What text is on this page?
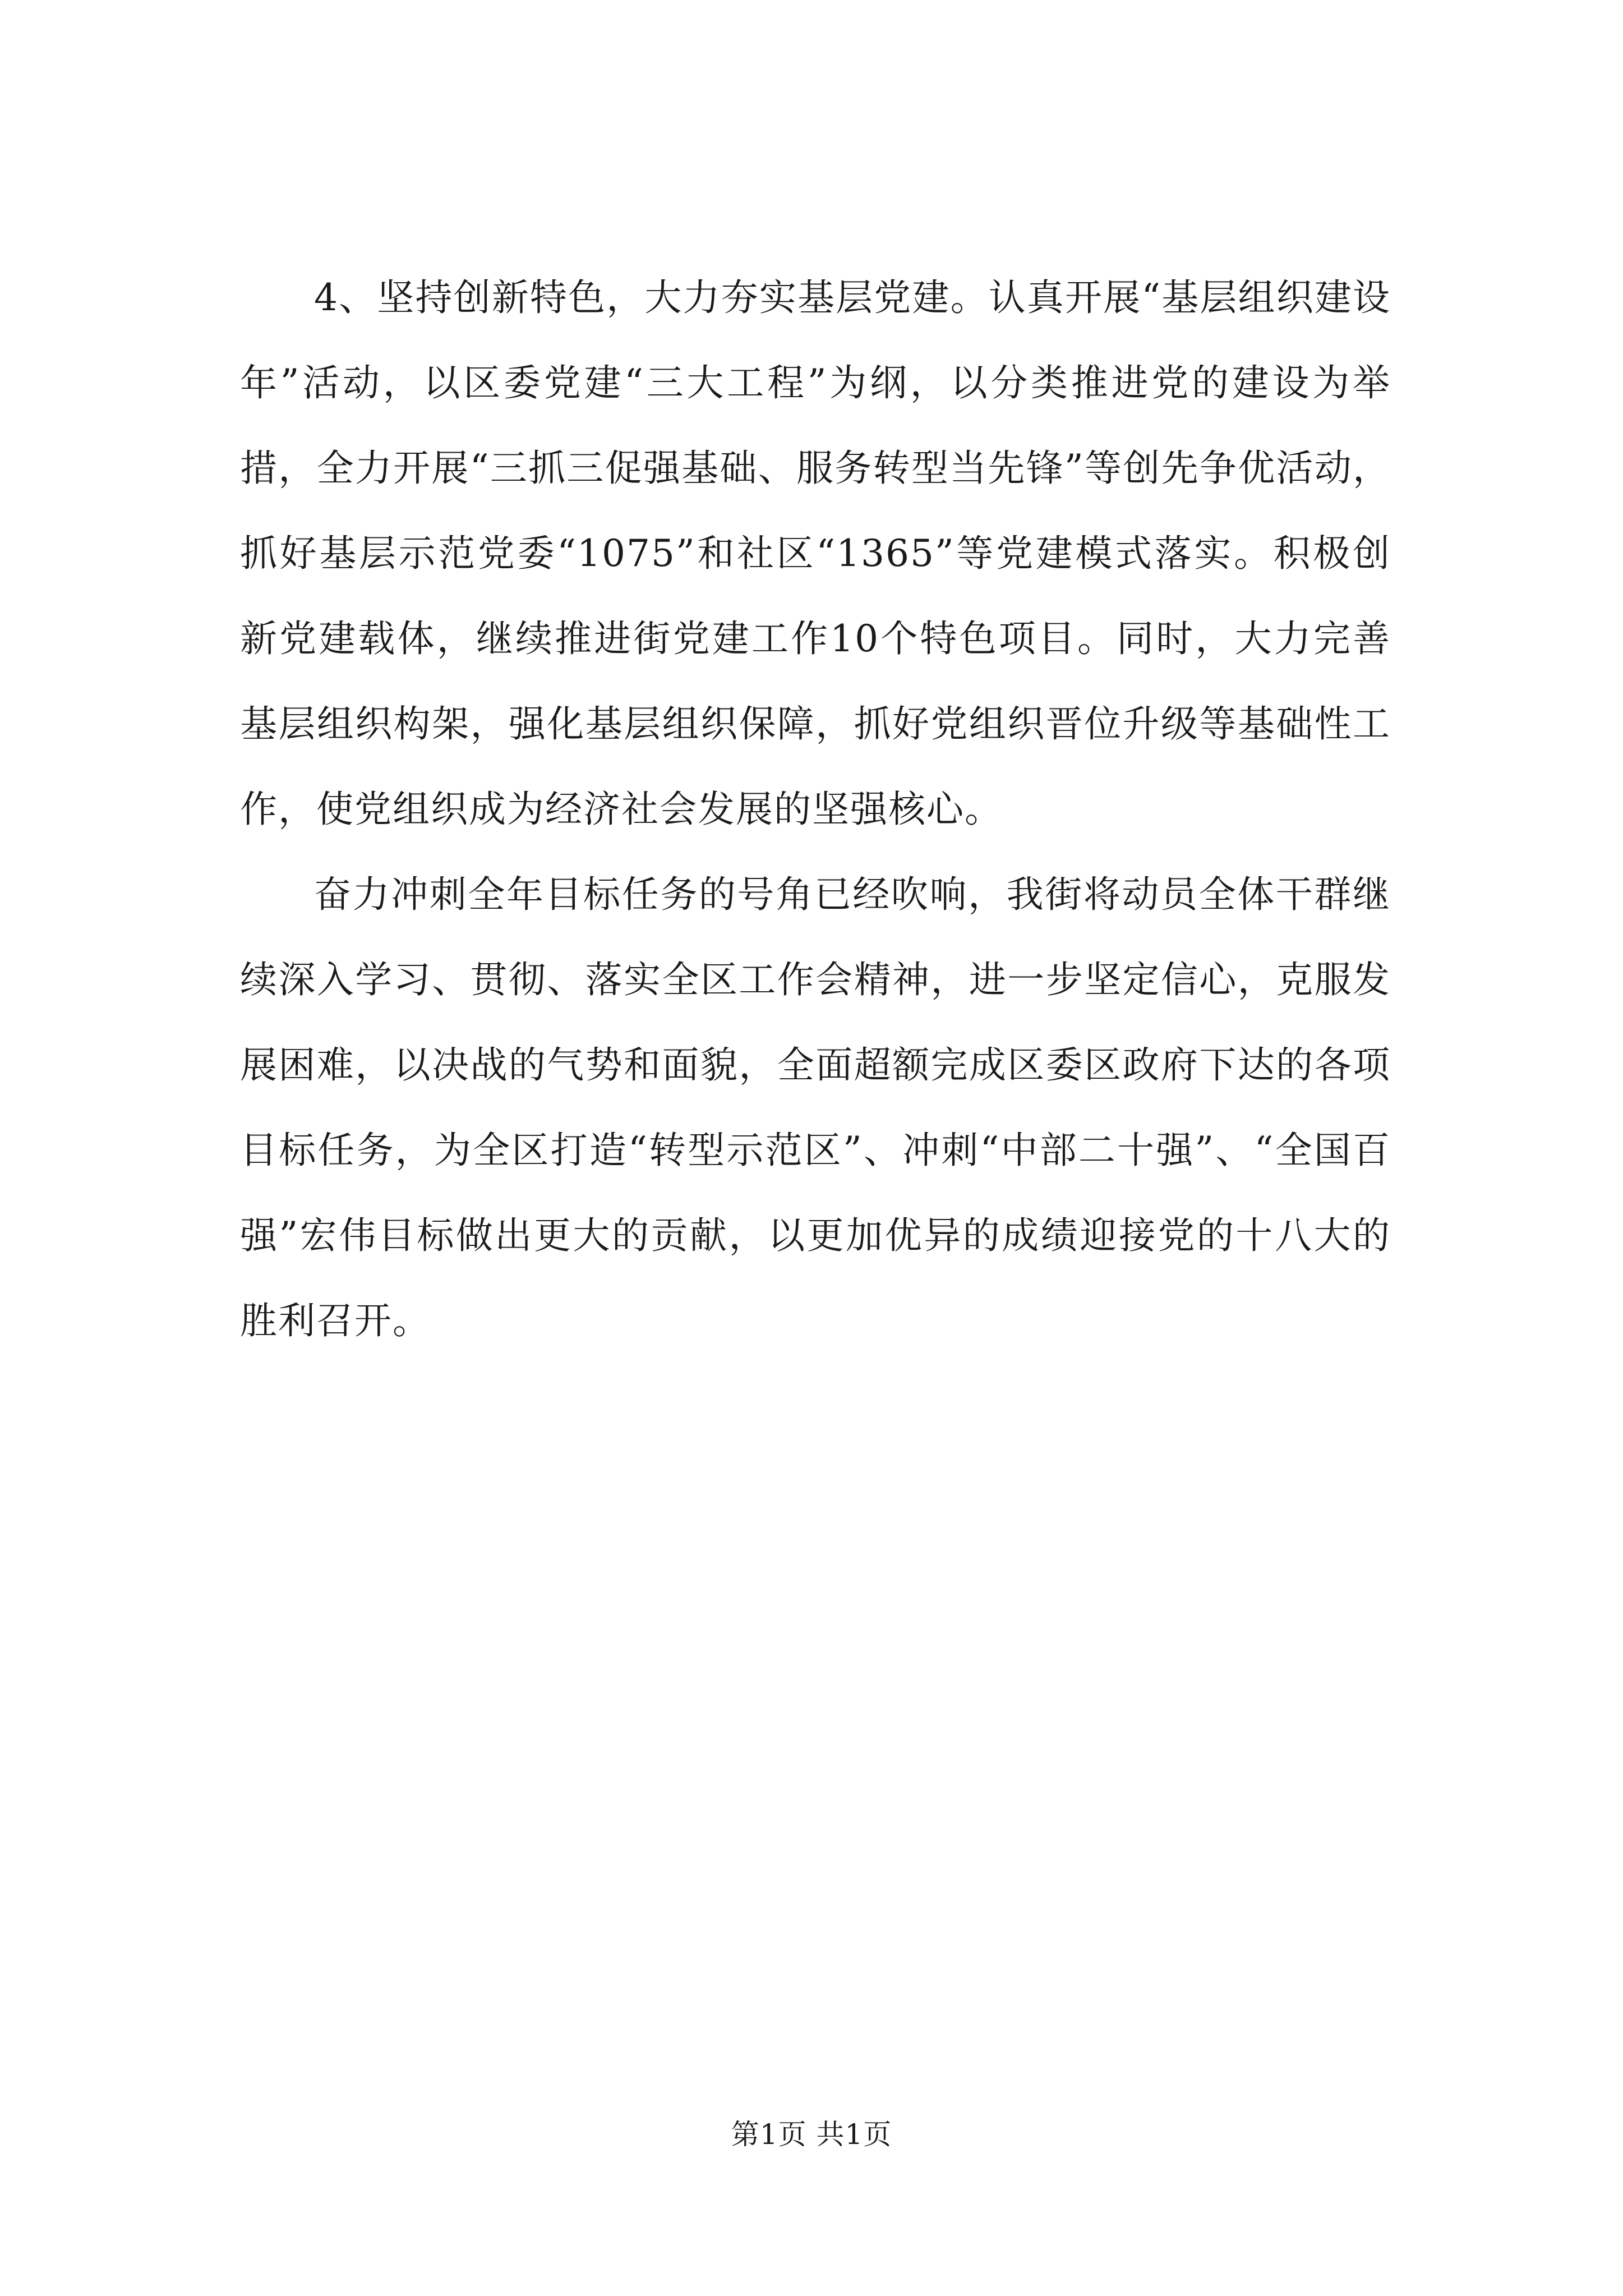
4、坚持创新特色，大力夯实基层党建。认真开展“基层组织建设年”活动，以区委党建“三大工程”为纲，以分类推进党的建设为举措，全力开展“三抓三促强基础、服务转型当先锋”等创先争优活动，抓好基层示范党委“1075”和社区“1365”等党建模式落实。积极创新党建载体，继续推进街党建工作10个特色项目。同时，大力完善基层组织构架，强化基层组织保障，抓好党组织晋位升级等基础性工作，使党组织成为经济社会发展的坚强核心。

奋力冲刺全年目标任务的号角已经吹响，我街将动员全体干群继续深入学习、贯彻、落实全区工作会精神，进一步坚定信心，克服发展困难，以决战的气势和面貌，全面超额完成区委区政府下达的各项目标任务，为全区打造“转型示范区”、冲刺“中部二十强”、“全国百强”宏伟目标做出更大的贡献，以更加优异的成绩迎接党的十八大的胜利召开。

第1页 共1页
